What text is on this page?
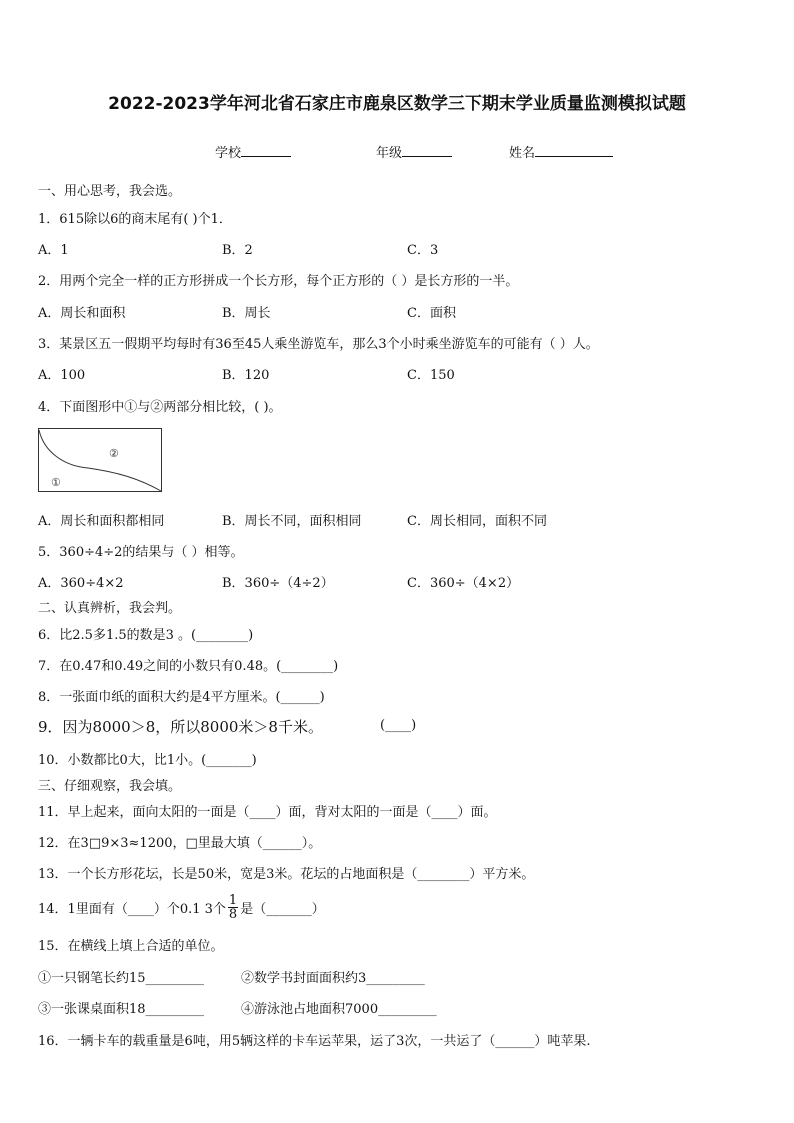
2022-2023学年河北省石家庄市鹿泉区数学三下期末学业质量监测模拟试题
学校	年级	姓名
一、用心思考，我会选。
1．615除以6的商末尾有( )个1．
A．1	B．2	C．3
2．用两个完全一样的正方形拼成一个长方形，每个正方形的（ ）是长方形的一半。
A．周长和面积	B．周长	C．面积
3．某景区五一假期平均每时有36至45人乘坐游览车，那么3个小时乘坐游览车的可能有（ ）人。
A．100	B．120	C．150
4．下面图形中①与②两部分相比较，( )。
②
①
A．周长和面积都相同	B．周长不同，面积相同	C．周长相同，面积不同
5．360÷4÷2的结果与（ ）相等。
A．360÷4×2	B．360÷（4÷2）	C．360÷（4×2）
二、认真辨析，我会判。
6．比2.5多1.5的数是3 。(________)
7．在0.47和0.49之间的小数只有0.48。(________)
8．一张面巾纸的面积大约是4平方厘米。(______)
9．因为8000＞8，所以8000米＞8千米。	(____)
10．小数都比0大，比1小。(_______)
三、仔细观察，我会填。
11．早上起来，面向太阳的一面是（____）面，背对太阳的一面是（____）面。
12．在3□9×3≈1200，□里最大填（______）。
13．一个长方形花坛，长是50米，宽是3米。花坛的占地面积是（________）平方米。
14．1里面有（____）个0.1 3个 $\frac{1}{8}$ 是（_______）
15．在横线上填上合适的单位。
①一只钢笔长约15_________	②数学书封面面积约3_________
③一张课桌面积18_________	④游泳池占地面积7000_________
16．一辆卡车的载重量是6吨，用5辆这样的卡车运苹果，运了3次，一共运了（______）吨苹果.
